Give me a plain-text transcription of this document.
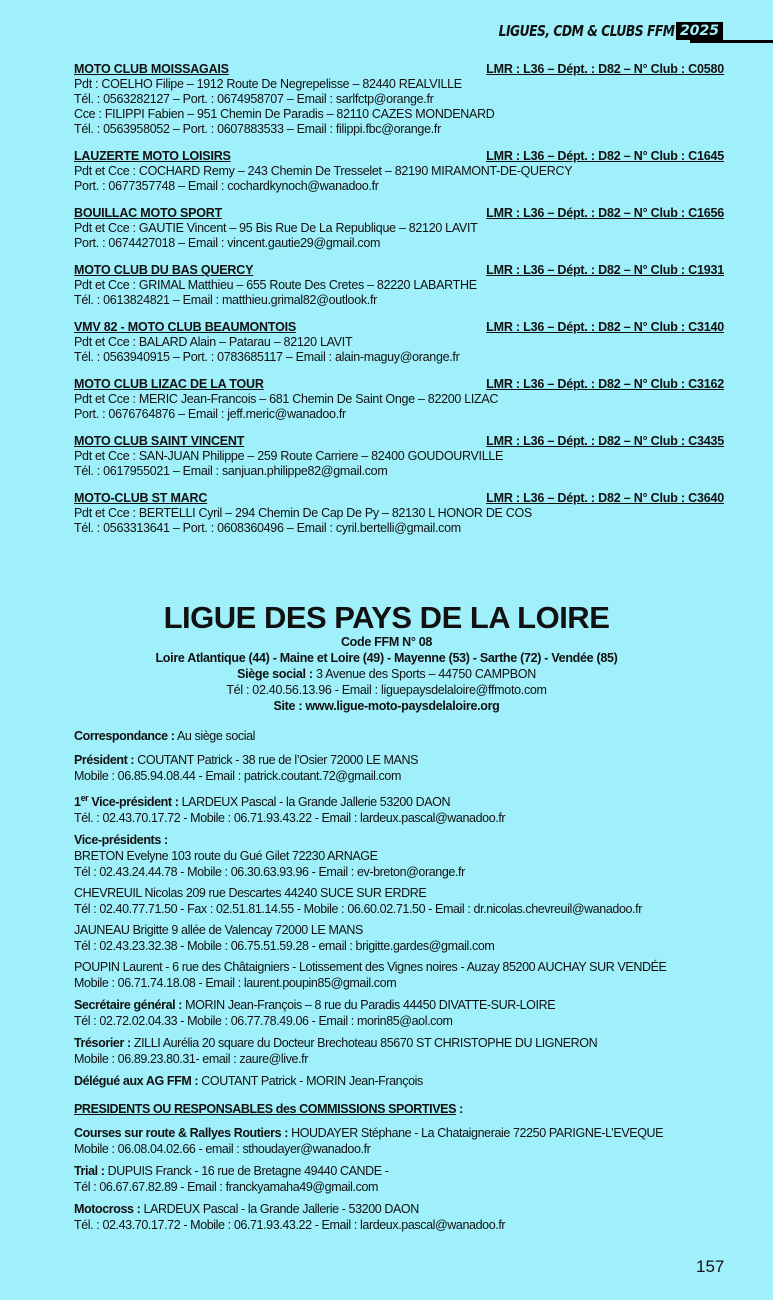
LIGUES, CDM & CLUBS FFM 2025
MOTO CLUB MOISSAGAIS	LMR : L36 – Dépt. : D82 – N° Club : C0580
Pdt : COELHO Filipe – 1912 Route De Negrepelisse – 82440 REALVILLE
Tél. : 0563282127 – Port. : 0674958707 – Email : sarlfctp@orange.fr
Cce : FILIPPI Fabien – 951 Chemin De Paradis – 82110 CAZES MONDENARD
Tél. : 0563958052 – Port. : 0607883533 – Email : filippi.fbc@orange.fr
LAUZERTE MOTO LOISIRS	LMR : L36 – Dépt. : D82 – N° Club : C1645
Pdt et Cce : COCHARD Remy – 243 Chemin De Tresselet – 82190 MIRAMONT-DE-QUERCY
Port. : 0677357748 – Email : cochardkynoch@wanadoo.fr
BOUILLAC MOTO SPORT	LMR : L36 – Dépt. : D82 – N° Club : C1656
Pdt et Cce : GAUTIE Vincent – 95 Bis Rue De La Republique – 82120 LAVIT
Port. : 0674427018 – Email : vincent.gautie29@gmail.com
MOTO CLUB DU BAS QUERCY	LMR : L36 – Dépt. : D82 – N° Club : C1931
Pdt et Cce : GRIMAL Matthieu – 655 Route Des Cretes – 82220 LABARTHE
Tél. : 0613824821 – Email : matthieu.grimal82@outlook.fr
VMV 82 - MOTO CLUB BEAUMONTOIS	LMR : L36 – Dépt. : D82 – N° Club : C3140
Pdt et Cce : BALARD Alain – Patarau – 82120 LAVIT
Tél. : 0563940915 – Port. : 0783685117 – Email : alain-maguy@orange.fr
MOTO CLUB LIZAC DE LA TOUR	LMR : L36 – Dépt. : D82 – N° Club : C3162
Pdt et Cce : MERIC Jean-Francois – 681 Chemin De Saint Onge – 82200 LIZAC
Port. : 0676764876 – Email : jeff.meric@wanadoo.fr
MOTO CLUB SAINT VINCENT	LMR : L36 – Dépt. : D82 – N° Club : C3435
Pdt et Cce : SAN-JUAN Philippe – 259 Route Carriere – 82400 GOUDOURVILLE
Tél. : 0617955021 – Email : sanjuan.philippe82@gmail.com
MOTO-CLUB ST MARC	LMR : L36 – Dépt. : D82 – N° Club : C3640
Pdt et Cce : BERTELLI Cyril – 294 Chemin De Cap De Py – 82130 L HONOR DE COS
Tél. : 0563313641 – Port. : 0608360496 – Email : cyril.bertelli@gmail.com
LIGUE DES PAYS DE LA LOIRE
Code FFM N° 08
Loire Atlantique (44) - Maine et Loire (49) - Mayenne (53) - Sarthe (72) - Vendée (85)
Siège social : 3 Avenue des Sports – 44750 CAMPBON
Tél : 02.40.56.13.96 - Email : liguepaysdelaloire@ffmoto.com
Site : www.ligue-moto-paysdelaloire.org
Correspondance : Au siège social
Président : COUTANT Patrick - 38 rue de l’Osier 72000 LE MANS
Mobile : 06.85.94.08.44 - Email : patrick.coutant.72@gmail.com
1er Vice-président : LARDEUX Pascal - la Grande Jallerie 53200 DAON
Tél. : 02.43.70.17.72 - Mobile : 06.71.93.43.22 - Email : lardeux.pascal@wanadoo.fr
Vice-présidents :
BRETON Evelyne 103 route du Gué Gilet 72230 ARNAGE
Tél : 02.43.24.44.78 - Mobile : 06.30.63.93.96 - Email : ev-breton@orange.fr
CHEVREUIL Nicolas 209 rue Descartes 44240 SUCE SUR ERDRE
Tél : 02.40.77.71.50 - Fax : 02.51.81.14.55 - Mobile : 06.60.02.71.50 - Email : dr.nicolas.chevreuil@wanadoo.fr
JAUNEAU Brigitte 9 allée de Valencay 72000 LE MANS
Tél : 02.43.23.32.38 - Mobile : 06.75.51.59.28 - email : brigitte.gardes@gmail.com
POUPIN Laurent - 6 rue des Châtaigniers - Lotissement des Vignes noires - Auzay 85200 AUCHAY SUR VENDÉE
Mobile : 06.71.74.18.08 - Email : laurent.poupin85@gmail.com
Secrétaire général : MORIN Jean-François – 8 rue du Paradis 44450 DIVATTE-SUR-LOIRE
Tél : 02.72.02.04.33 - Mobile : 06.77.78.49.06 - Email : morin85@aol.com
Trésorier : ZILLI Aurélia 20 square du Docteur Brechoteau 85670 ST CHRISTOPHE DU LIGNERON
Mobile : 06.89.23.80.31- email : zaure@live.fr
Délégué aux AG FFM : COUTANT Patrick - MORIN Jean-François
PRESIDENTS OU RESPONSABLES des COMMISSIONS SPORTIVES :
Courses sur route & Rallyes Routiers : HOUDAYER Stéphane - La Chataigneraie 72250 PARIGNE-L’EVEQUE
Mobile : 06.08.04.02.66 - email : sthoudayer@wanadoo.fr
Trial : DUPUIS Franck - 16 rue de Bretagne 49440 CANDE -
Tél : 06.67.67.82.89 - Email : franckyamaha49@gmail.com
Motocross : LARDEUX Pascal - la Grande Jallerie - 53200 DAON
Tél. : 02.43.70.17.72 - Mobile : 06.71.93.43.22 - Email : lardeux.pascal@wanadoo.fr
157
